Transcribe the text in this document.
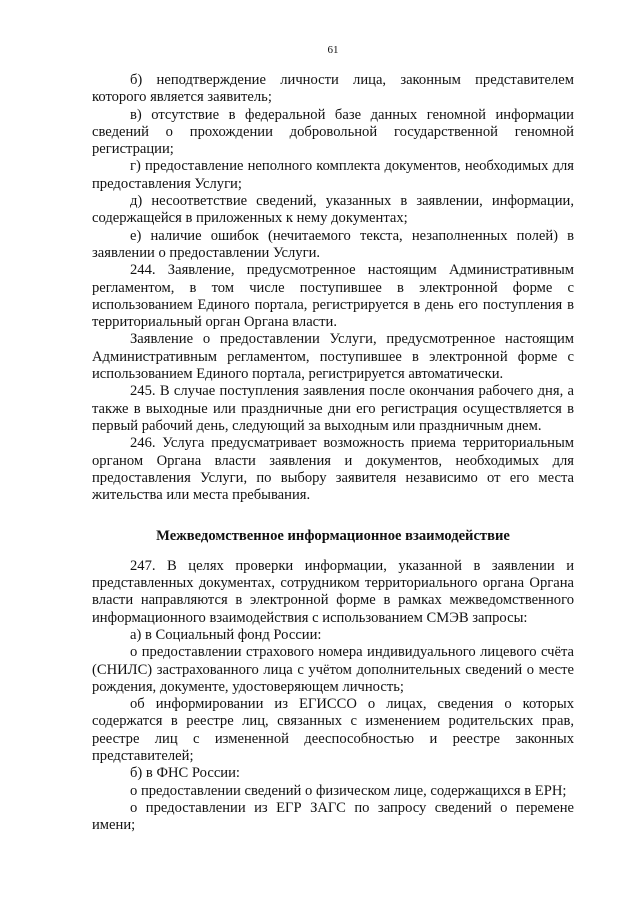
61

б) неподтверждение личности лица, законным представителем которого является заявитель;

в) отсутствие в федеральной базе данных геномной информации сведений о прохождении добровольной государственной геномной регистрации;

г) предоставление неполного комплекта документов, необходимых для предоставления Услуги;

д) несоответствие сведений, указанных в заявлении, информации, содержащейся в приложенных к нему документах;

е) наличие ошибок (нечитаемого текста, незаполненных полей) в заявлении о предоставлении Услуги.

244. Заявление, предусмотренное настоящим Административным регламентом, в том числе поступившее в электронной форме с использованием Единого портала, регистрируется в день его поступления в территориальный орган Органа власти.

Заявление о предоставлении Услуги, предусмотренное настоящим Административным регламентом, поступившее в электронной форме с использованием Единого портала, регистрируется автоматически.

245. В случае поступления заявления после окончания рабочего дня, а также в выходные или праздничные дни его регистрация осуществляется в первый рабочий день, следующий за выходным или праздничным днем.

246. Услуга предусматривает возможность приема территориальным органом Органа власти заявления и документов, необходимых для предоставления Услуги, по выбору заявителя независимо от его места жительства или места пребывания.

Межведомственное информационное взаимодействие

247. В целях проверки информации, указанной в заявлении и представленных документах, сотрудником территориального органа Органа власти направляются в электронной форме в рамках межведомственного информационного взаимодействия с использованием СМЭВ запросы:

а) в Социальный фонд России:

о предоставлении страхового номера индивидуального лицевого счёта (СНИЛС) застрахованного лица с учётом дополнительных сведений о месте рождения, документе, удостоверяющем личность;

об информировании из ЕГИССО о лицах, сведения о которых содержатся в реестре лиц, связанных с изменением родительских прав, реестре лиц с измененной дееспособностью и реестре законных представителей;

б) в ФНС России:

о предоставлении сведений о физическом лице, содержащихся в ЕРН;

о предоставлении из ЕГР ЗАГС по запросу сведений о перемене имени;
